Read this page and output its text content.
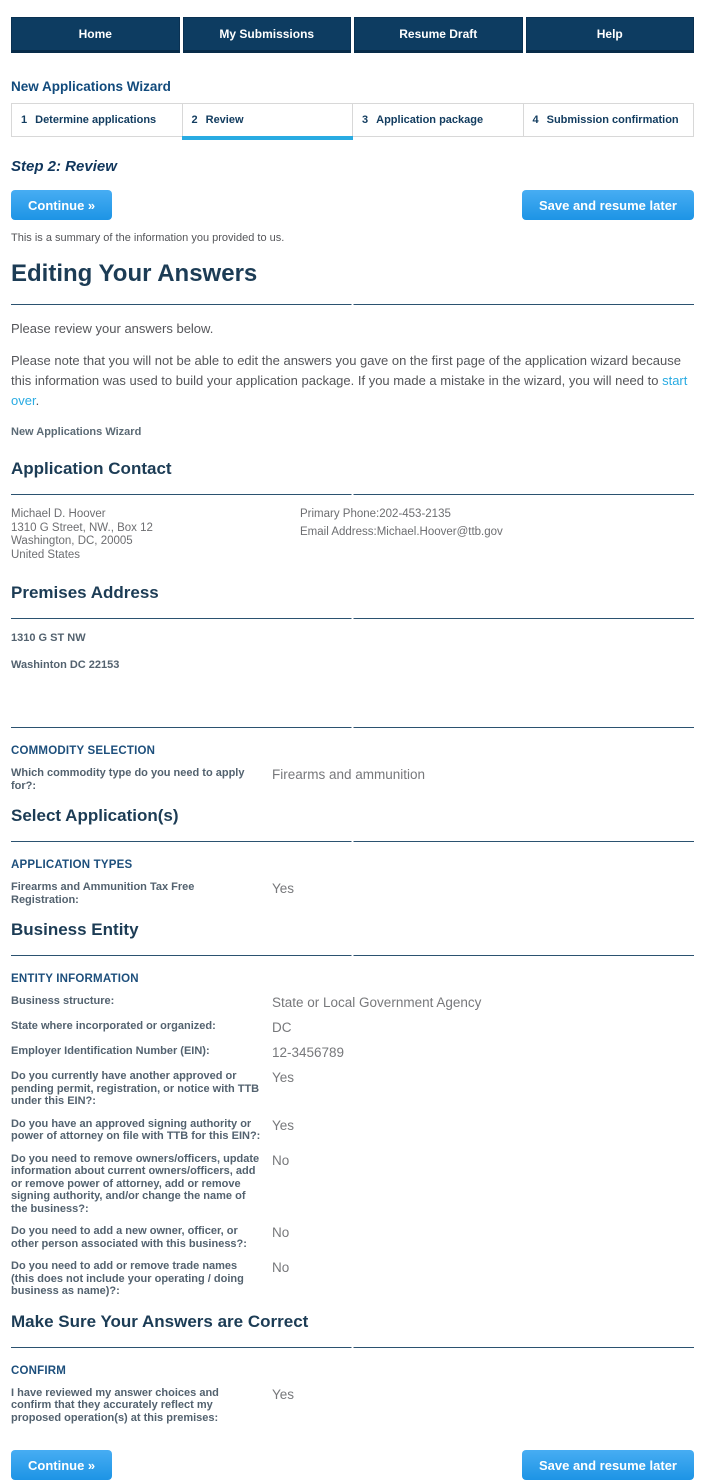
Home	My Submissions	Resume Draft	Help
New Applications Wizard
1 Determine applications	2 Review	3 Application package	4 Submission confirmation
Step 2: Review
Continue »	Save and resume later
This is a summary of the information you provided to us.
Editing Your Answers

Please review your answers below.

Please note that you will not be able to edit the answers you gave on the first page of the application wizard because this information was used to build your application package. If you made a mistake in the wizard, you will need to start over.

New Applications Wizard
Application Contact
Michael D. Hoover
1310 G Street, NW., Box 12
Washington, DC, 20005
United States
Primary Phone:202-453-2135
Email Address:Michael.Hoover@ttb.gov
Premises Address
1310 G ST NW
Washinton DC 22153
COMMODITY SELECTION
Which commodity type do you need to apply for?:
Firearms and ammunition
Select Application(s)
APPLICATION TYPES
Firearms and Ammunition Tax Free Registration:
Yes
Business Entity
ENTITY INFORMATION
Business structure:	State or Local Government Agency
State where incorporated or organized:	DC
Employer Identification Number (EIN):	12-3456789
Do you currently have another approved or pending permit, registration, or notice with TTB under this EIN?:
Yes
Do you have an approved signing authority or power of attorney on file with TTB for this EIN?:
Yes
Do you need to remove owners/officers, update information about current owners/officers, add or remove power of attorney, add or remove signing authority, and/or change the name of the business?:
No
Do you need to add a new owner, officer, or other person associated with this business?:
No
Do you need to add or remove trade names (this does not include your operating / doing business as name)?:
No
Make Sure Your Answers are Correct
CONFIRM
I have reviewed my answer choices and confirm that they accurately reflect my proposed operation(s) at this premises:
Yes
Continue »	Save and resume later
